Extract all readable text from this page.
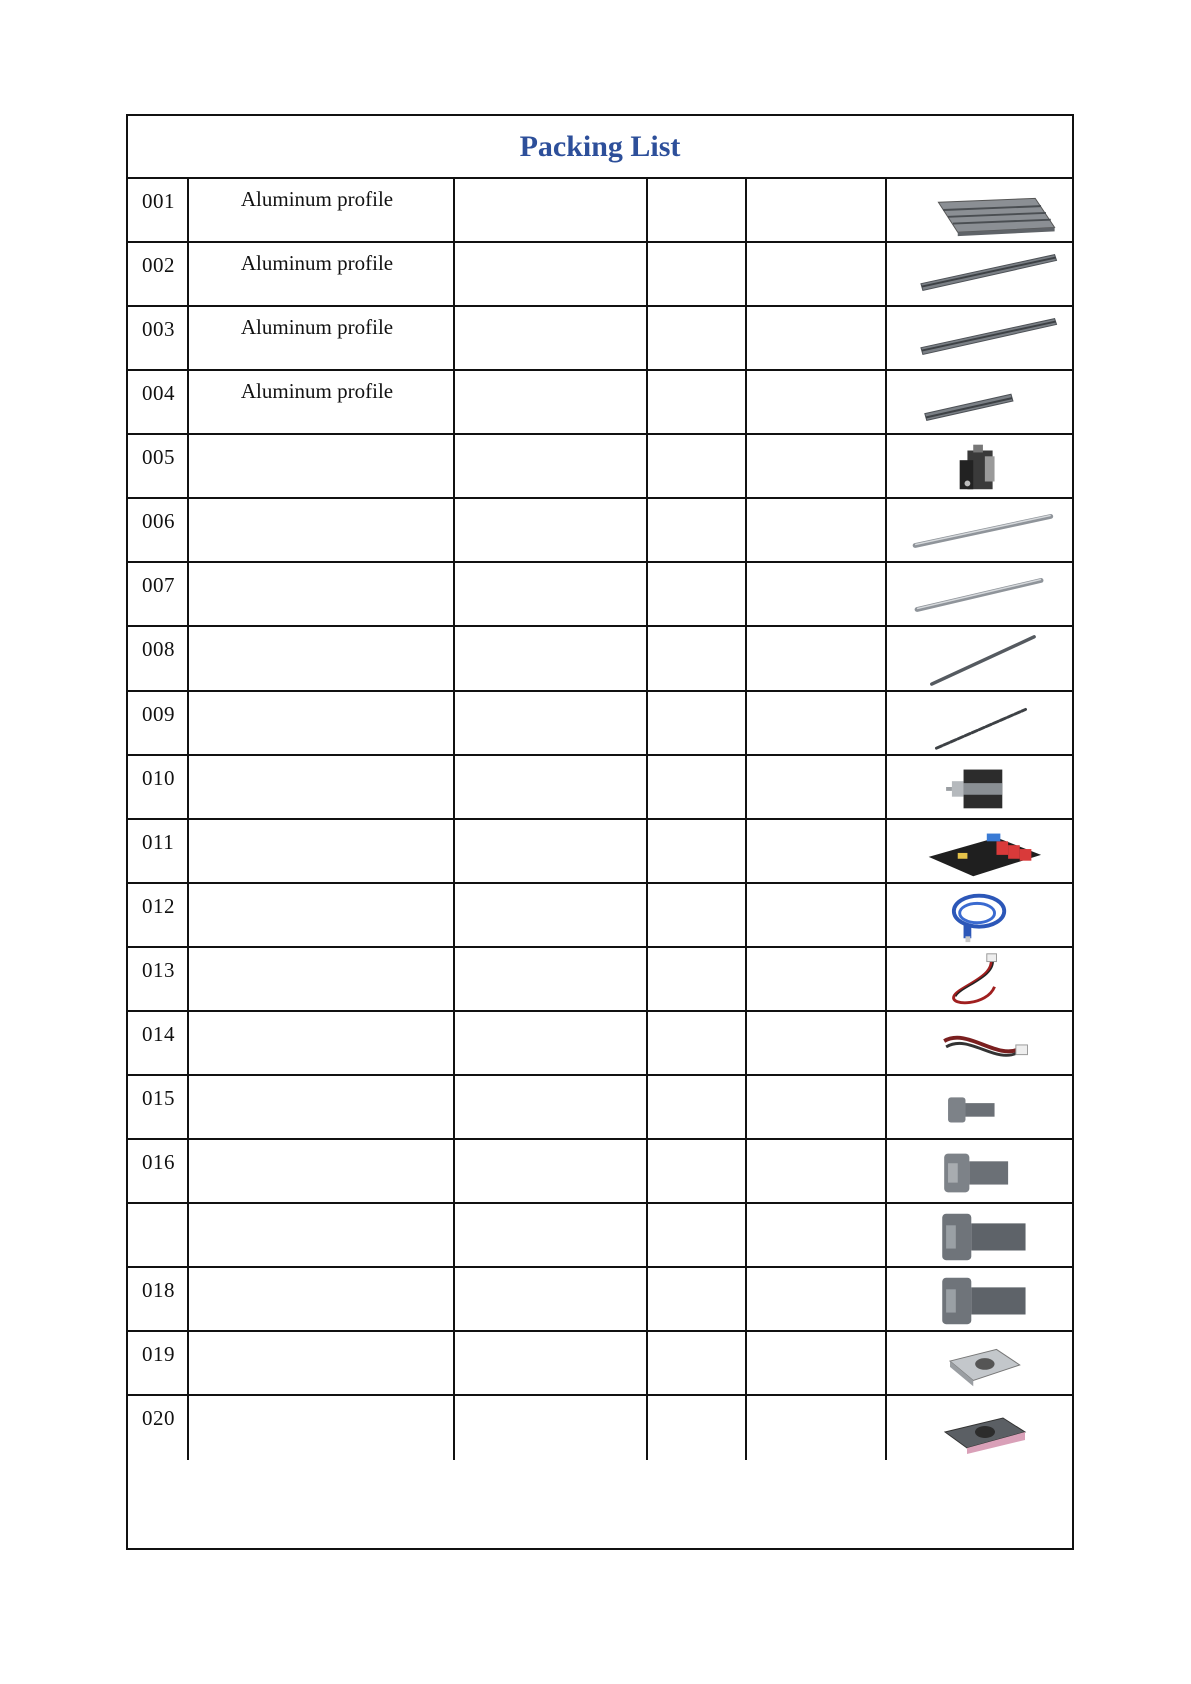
Packing List
001	Aluminum profile
002	Aluminum profile
003	Aluminum profile
004	Aluminum profile
005
006
007
008
009
010
011
012
013
014
015
016
018
019
020
